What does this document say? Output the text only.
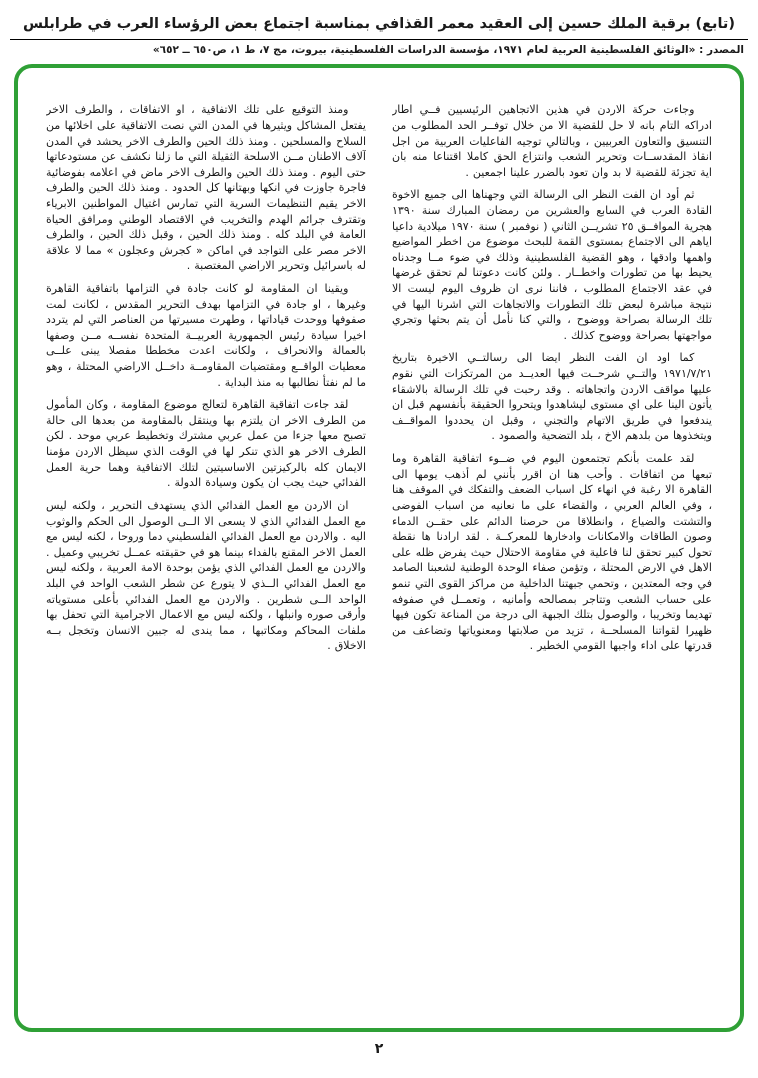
(تابع) برقية الملك حسين إلى العقيد معمر القذافي بمناسبة اجتماع بعض الرؤساء العرب في طرابلس

المصدر : «الوثائق الفلسطينية العربية لعام ١٩٧١، مؤسسة الدراسات الفلسطينية، بيروت، مج ٧، ط ١، ص٦٥٠ ــ ٦٥٢»

وجاءت حركة الاردن في هذين الاتجاهين الرئيسيين فــي اطار ادراكه التام بانه لا حل للقضية الا من خلال توفــر الحد المطلوب من التنسيق والتعاون العربيين ، وبالتالي توجيه الفاعليات العربية من اجل انقاذ المقدســات وتحرير الشعب وانتزاع الحق كاملا اقتناعا منه بان اية تجزئة للقضية لا بد وان تعود بالضرر علينا اجمعين .

ثم أود ان الفت النظر الى الرسالة التي وجهناها الى جميع الاخوة القادة العرب في السابع والعشرين من رمضان المبارك سنة ١٣٩٠ هجرية الموافــق ٢٥ تشريــن الثاني ( نوفمبر ) سنة ١٩٧٠ ميلادية داعيا اياهم الى الاجتماع بمستوى القمة للبحث موضوع من اخطر المواضيع واهمها وادقها ، وهو القضية الفلسطينية وذلك في ضوء مــا وجدناه يحيط بها من تطورات واخطــار . ولئن كانت دعوتنا لم تحقق غرضها في عقد الاجتماع المطلوب ، فاننا نرى ان ظروف اليوم ليست الا نتيجة مباشرة لبعض تلك التطورات والاتجاهات التي اشرنا اليها في تلك الرسالة بصراحة ووضوح ، والتي كنا نأمل أن يتم بحثها وتجري مواجهتها بصراحة ووضوح كذلك .

كما اود ان الفت النظر ايضا الى رسالتــي الاخيرة بتاريخ ١٩٧١/٧/٢١ والتــي شرحــت فيها العديــد من المرتكزات التي نقوم عليها مواقف الاردن واتجاهاته . وقد رحبت في تلك الرسالة بالاشقاء يأتون الينا على اي مستوى ليشاهدوا ويتحروا الحقيقة بأنفسهم قبل ان يندفعوا في طريق الاتهام والتجني ، وقبل ان يحددوا المواقــف ويتخذوها من بلدهم الاخ ، بلد التضحية والصمود .

لقد علمت بأنكم تجتمعون اليوم في ضــوء اتفاقية القاهرة وما تبعها من اتفاقات . وأحب هنا ان اقرر بأنني لم أذهب يومها الى القاهرة الا رغبة في انهاء كل اسباب الضعف والتفكك في الموقف هنا ، وفي العالم العربي ، والقضاء على ما نعانيه من اسباب الفوضى والتشتت والضياع ، وانطلاقا من حرصنا الدائم على حقــن الدماء وصون الطاقات والامكانات وادخارها للمعركــة . لقد ارادنا ها نقطة تحول كبير تحقق لنا فاعلية في مقاومة الاحتلال حيث يفرض ظله على الاهل في الارض المحتلة ، وتؤمن صفاء الوحدة الوطنية لشعبنا الصامد في وجه المعتدين ، وتحمي جبهتنا الداخلية من مراكز القوى التي تنمو على حساب الشعب وتتاجر بمصالحه وأمانيه ، وتعمــل في صفوفه تهديما وتخريبا ، والوصول بتلك الجبهة الى درجة من المناعة تكون فيها ظهيرا لقواتنا المسلحــة ، تزيد من صلابتها ومعنوياتها وتضاعف من قدرتها على اداء واجبها القومي الخطير .

ومنذ التوقيع على تلك الاتفاقية ، او الاتفاقات ، والطرف الاخر يفتعل المشاكل ويثيرها في المدن التي نصت الاتفاقية على اخلائها من السلاح والمسلحين . ومنذ ذلك الحين والطرف الاخر يحشد في المدن آلاف الاطنان مــن الاسلحة الثقيلة التي ما زلنا نكشف عن مستودعاتها حتى اليوم . ومنذ ذلك الحين والطرف الاخر ماض في اعلامه بفوضائية فاجرة جاوزت في انكها وبهتانها كل الحدود . ومنذ ذلك الحين والطرف الاخر يقيم التنظيمات السرية التي تمارس اغتيال المواطنين الابرياء وتقترف جرائم الهدم والتخريب في الاقتصاد الوطني ومرافق الحياة العامة في البلد كله . ومنذ ذلك الحين ، وقبل ذلك الحين ، والطرف الاخر مصر على التواجد في اماكن « كجرش وعجلون » مما لا علاقة له باسرائيل وتحرير الاراضي المغتصبة .

ويقينا ان المقاومة لو كانت جادة في التزامها باتفاقية القاهرة وغيرها ، او جادة في التزامها بهدف التحرير المقدس ، لكانت لمت صفوفها ووحدت قياداتها ، وطهرت مسيرتها من العناصر التي لم يتردد اخيرا سيادة رئيس الجمهورية العربيــة المتحدة نفســه مــن وصفها بالعمالة والانحراف ، ولكانت اعدت مخططا مفصلا يبنى علــى معطيات الواقــع ومقتضيات المقاومــة داخــل الاراضي المحتلة ، وهو ما لم نفتأ نطالبها به منذ البداية .

لقد جاءت اتفاقية القاهرة لتعالج موضوع المقاومة ، وكان المأمول من الطرف الاخر ان يلتزم بها وينتقل بالمقاومة من بعدها الى حالة تصبح معها جزءا من عمل عربي مشترك وتخطيط عربي موحد . لكن الطرف الاخر هو الذي تنكر لها في الوقت الذي سيظل الاردن مؤمنا الايمان كله بالركيزتين الاساسيتين لتلك الاتفاقية وهما حرية العمل الفدائي حيث يجب ان يكون وسيادة الدولة .

ان الاردن مع العمل الفدائي الذي يستهدف التحرير ، ولكنه ليس مع العمل الفدائي الذي لا يسعى الا الــى الوصول الى الحكم والوثوب اليه . والاردن مع العمل الفدائي الفلسطيني دما وروحا ، لكنه ليس مع العمل الاخر المقنع بالفداء بينما هو في حقيقته عمــل تخريبي وعميل . والاردن مع العمل الفدائي الذي يؤمن بوحدة الامة العربية ، ولكنه ليس مع العمل الفدائي الــذي لا يتورع عن شطر الشعب الواحد في البلد الواحد الــى شطرين . والاردن مع العمل الفدائي بأعلى مستوياته وأرقى صوره وانبلها ، ولكنه ليس مع الاعمال الاجرامية التي تحفل بها ملفات المحاكم ومكاتبها ، مما يندى له جبين الانسان وتخجل بــه الاخلاق .

٢
